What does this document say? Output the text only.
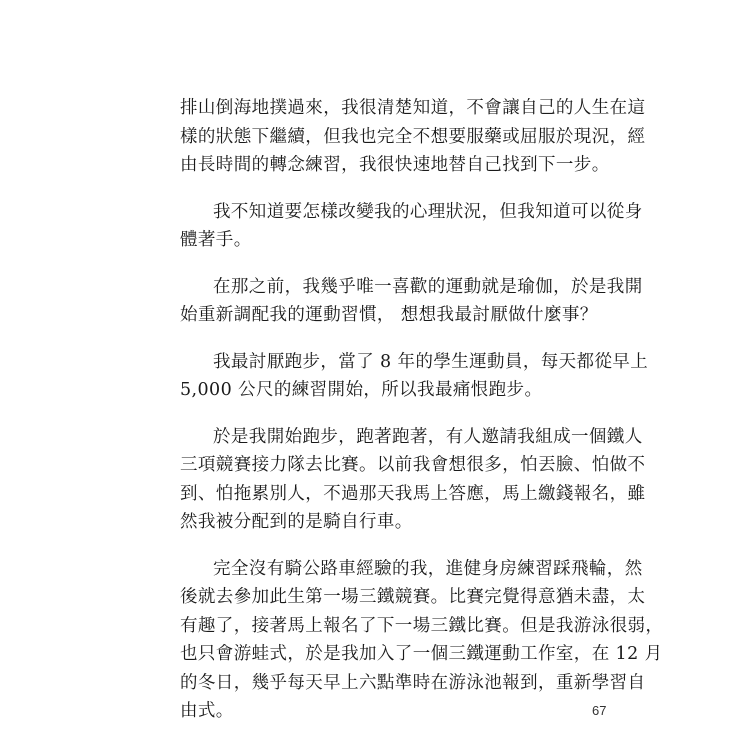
排山倒海地撲過來，我很清楚知道，不會讓自己的人生在這
樣的狀態下繼續，但我也完全不想要服藥或屈服於現況，經
由長時間的轉念練習，我很快速地替自己找到下一步。

我不知道要怎樣改變我的心理狀況，但我知道可以從身
體著手。

在那之前，我幾乎唯一喜歡的運動就是瑜伽，於是我開
始重新調配我的運動習慣， 想想我最討厭做什麼事？

我最討厭跑步，當了 8 年的學生運動員，每天都從早上
5,000 公尺的練習開始，所以我最痛恨跑步。

於是我開始跑步，跑著跑著，有人邀請我組成一個鐵人
三項競賽接力隊去比賽。以前我會想很多，怕丟臉、怕做不
到、怕拖累別人，不過那天我馬上答應，馬上繳錢報名，雖
然我被分配到的是騎自行車。

完全沒有騎公路車經驗的我，進健身房練習踩飛輪，然
後就去參加此生第一場三鐵競賽。比賽完覺得意猶未盡，太
有趣了，接著馬上報名了下一場三鐵比賽。但是我游泳很弱，
也只會游蛙式，於是我加入了一個三鐵運動工作室，在 12 月
的冬日，幾乎每天早上六點準時在游泳池報到，重新學習自
由式。	67
